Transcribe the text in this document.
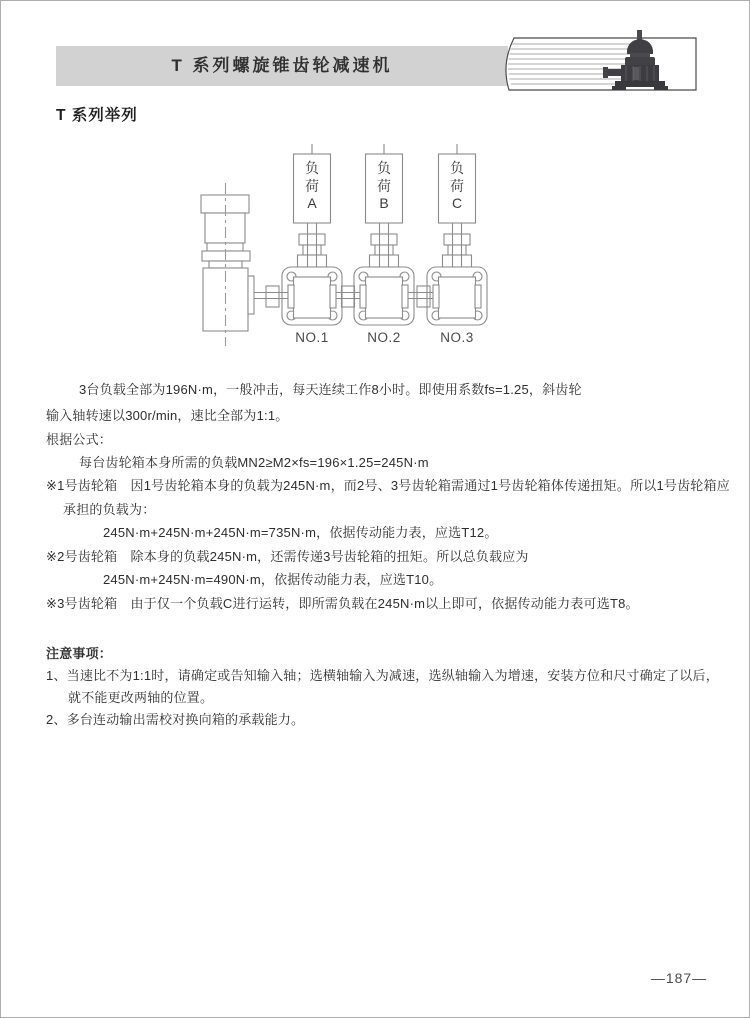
T 系列螺旋锥齿轮减速机
T 系列举列
负荷A
负荷B
负荷C
NO.1	NO.2	NO.3
3台负载全部为196N·m，一般冲击，每天连续工作8小时。即使用系数fs=1.25，斜齿轮
输入轴转速以300r/min，速比全部为1:1。
根据公式：
每台齿轮箱本身所需的负载MN2≥M2×fs=196×1.25=245N·m
※1号齿轮箱　因1号齿轮箱本身的负载为245N·m，而2号、3号齿轮箱需通过1号齿轮箱体传递扭矩。所以1号齿轮箱应
承担的负载为：
245N·m+245N·m+245N·m=735N·m，依据传动能力表，应选T12。
※2号齿轮箱　除本身的负载245N·m，还需传递3号齿轮箱的扭矩。所以总负载应为
245N·m+245N·m=490N·m，依据传动能力表，应选T10。
※3号齿轮箱　由于仅一个负载C进行运转，即所需负载在245N·m以上即可，依据传动能力表可选T8。
注意事项：
1、当速比不为1:1时，请确定或告知输入轴；选横轴输入为减速，选纵轴输入为增速，安装方位和尺寸确定了以后，
就不能更改两轴的位置。
2、多台连动输出需校对换向箱的承载能力。
—187—
